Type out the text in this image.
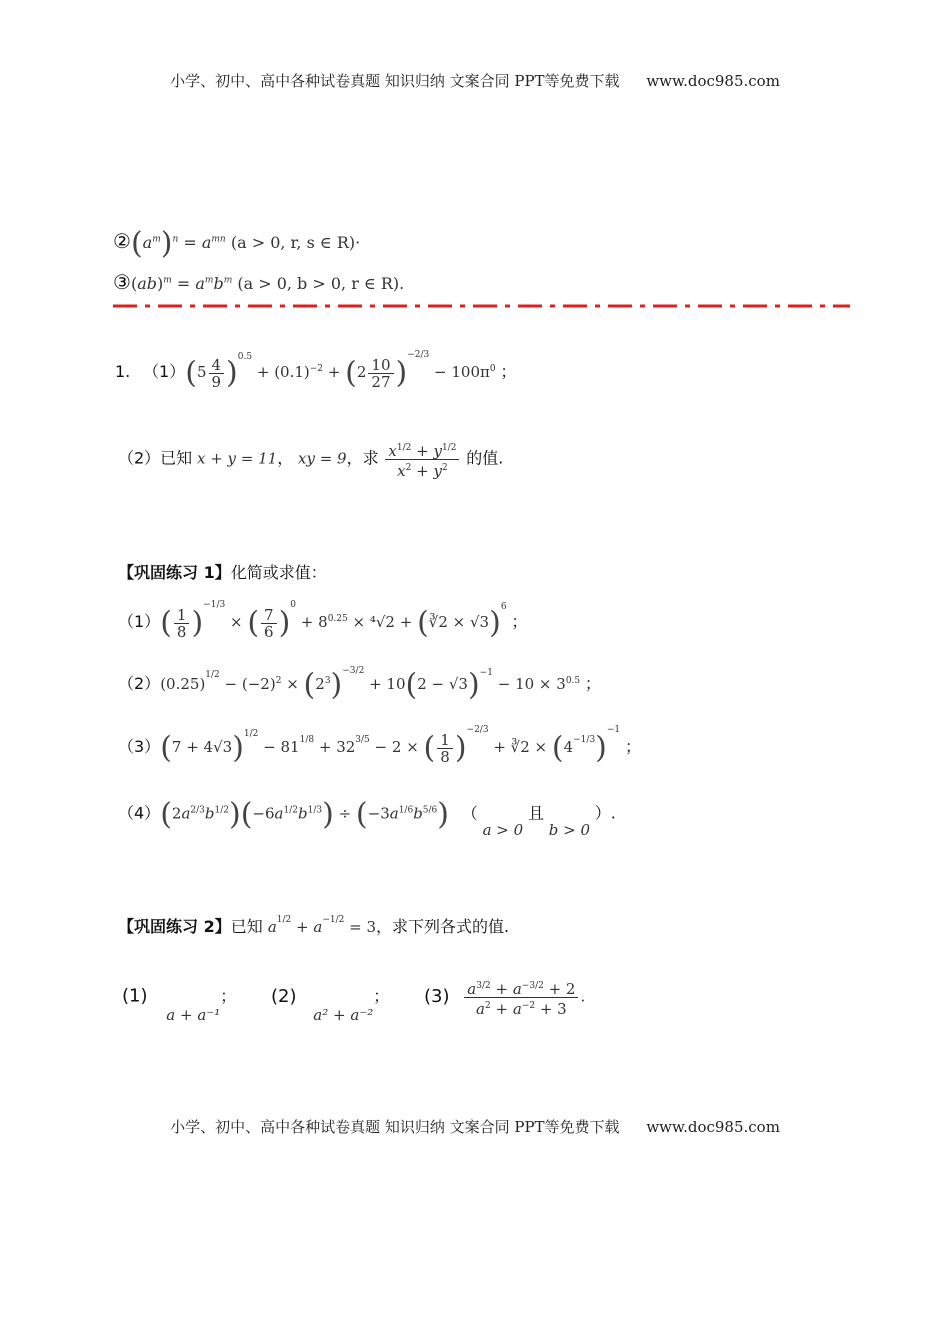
小学、初中、高中各种试卷真题 知识归纳 文案合同 PPT等免费下载 www.doc985.com
$②(a^m)^n = a^{mn}$ (a > 0, r, s ∈ R)·
③(ab)$^m$ = $a^mb^m$ (a > 0, b > 0, r ∈ R).
1. $(1)(5 \frac{4}{9} )^{0.5} + (0.1)^{-2} + (2 \frac{10}{27} )^{-2/3} - 100\pi^0$ ；
（2）已知 x + y = 11， xy = 9，求 $\frac{x^{1/2} + y^{1/2}}{x^2 + y^2}$ 的值.
【巩固练习 1】化简或求值：
$(1)( \frac{1}{8} )^{-1/3}$ × ( $\frac{7}{6} )^0 + 8^{0.25} \times ^4√2$ + (∛2 × √3)$^6$ ；
$(2)(0.25)^{1/2} - (-2)^2 \times (2^3)^{-3/2} + 10(2 - √3)^{-1} - 10 \times 3^{0.5}$ ；
$(3)(7 + 4√3)^{1/2} - 81^{1/8} + 32^{3/5} - 2$ × ( $\frac{1}{8} )^{-2/3}$ + ∛2 × $(4^{-1/3})^{-1}$ ；
$(4)(2a^{2/3}b^{1/2})(-6a^{1/2}b^{1/3}) \div (-3a^{1/6}b^{5/6})$ （ a > 0 且 b > 0 ）.
【巩固练习 2】已知 $a^{1/2} + a^{-1/2} = 3$，求下列各式的值.
(1) a + a⁻¹； (2) a² + a⁻²； $(3) \frac{a^{3/2} + a^{-3/2} + 2}{a^2 + a^{-2} + 3}$ .
小学、初中、高中各种试卷真题 知识归纳 文案合同 PPT等免费下载 www.doc985.com
